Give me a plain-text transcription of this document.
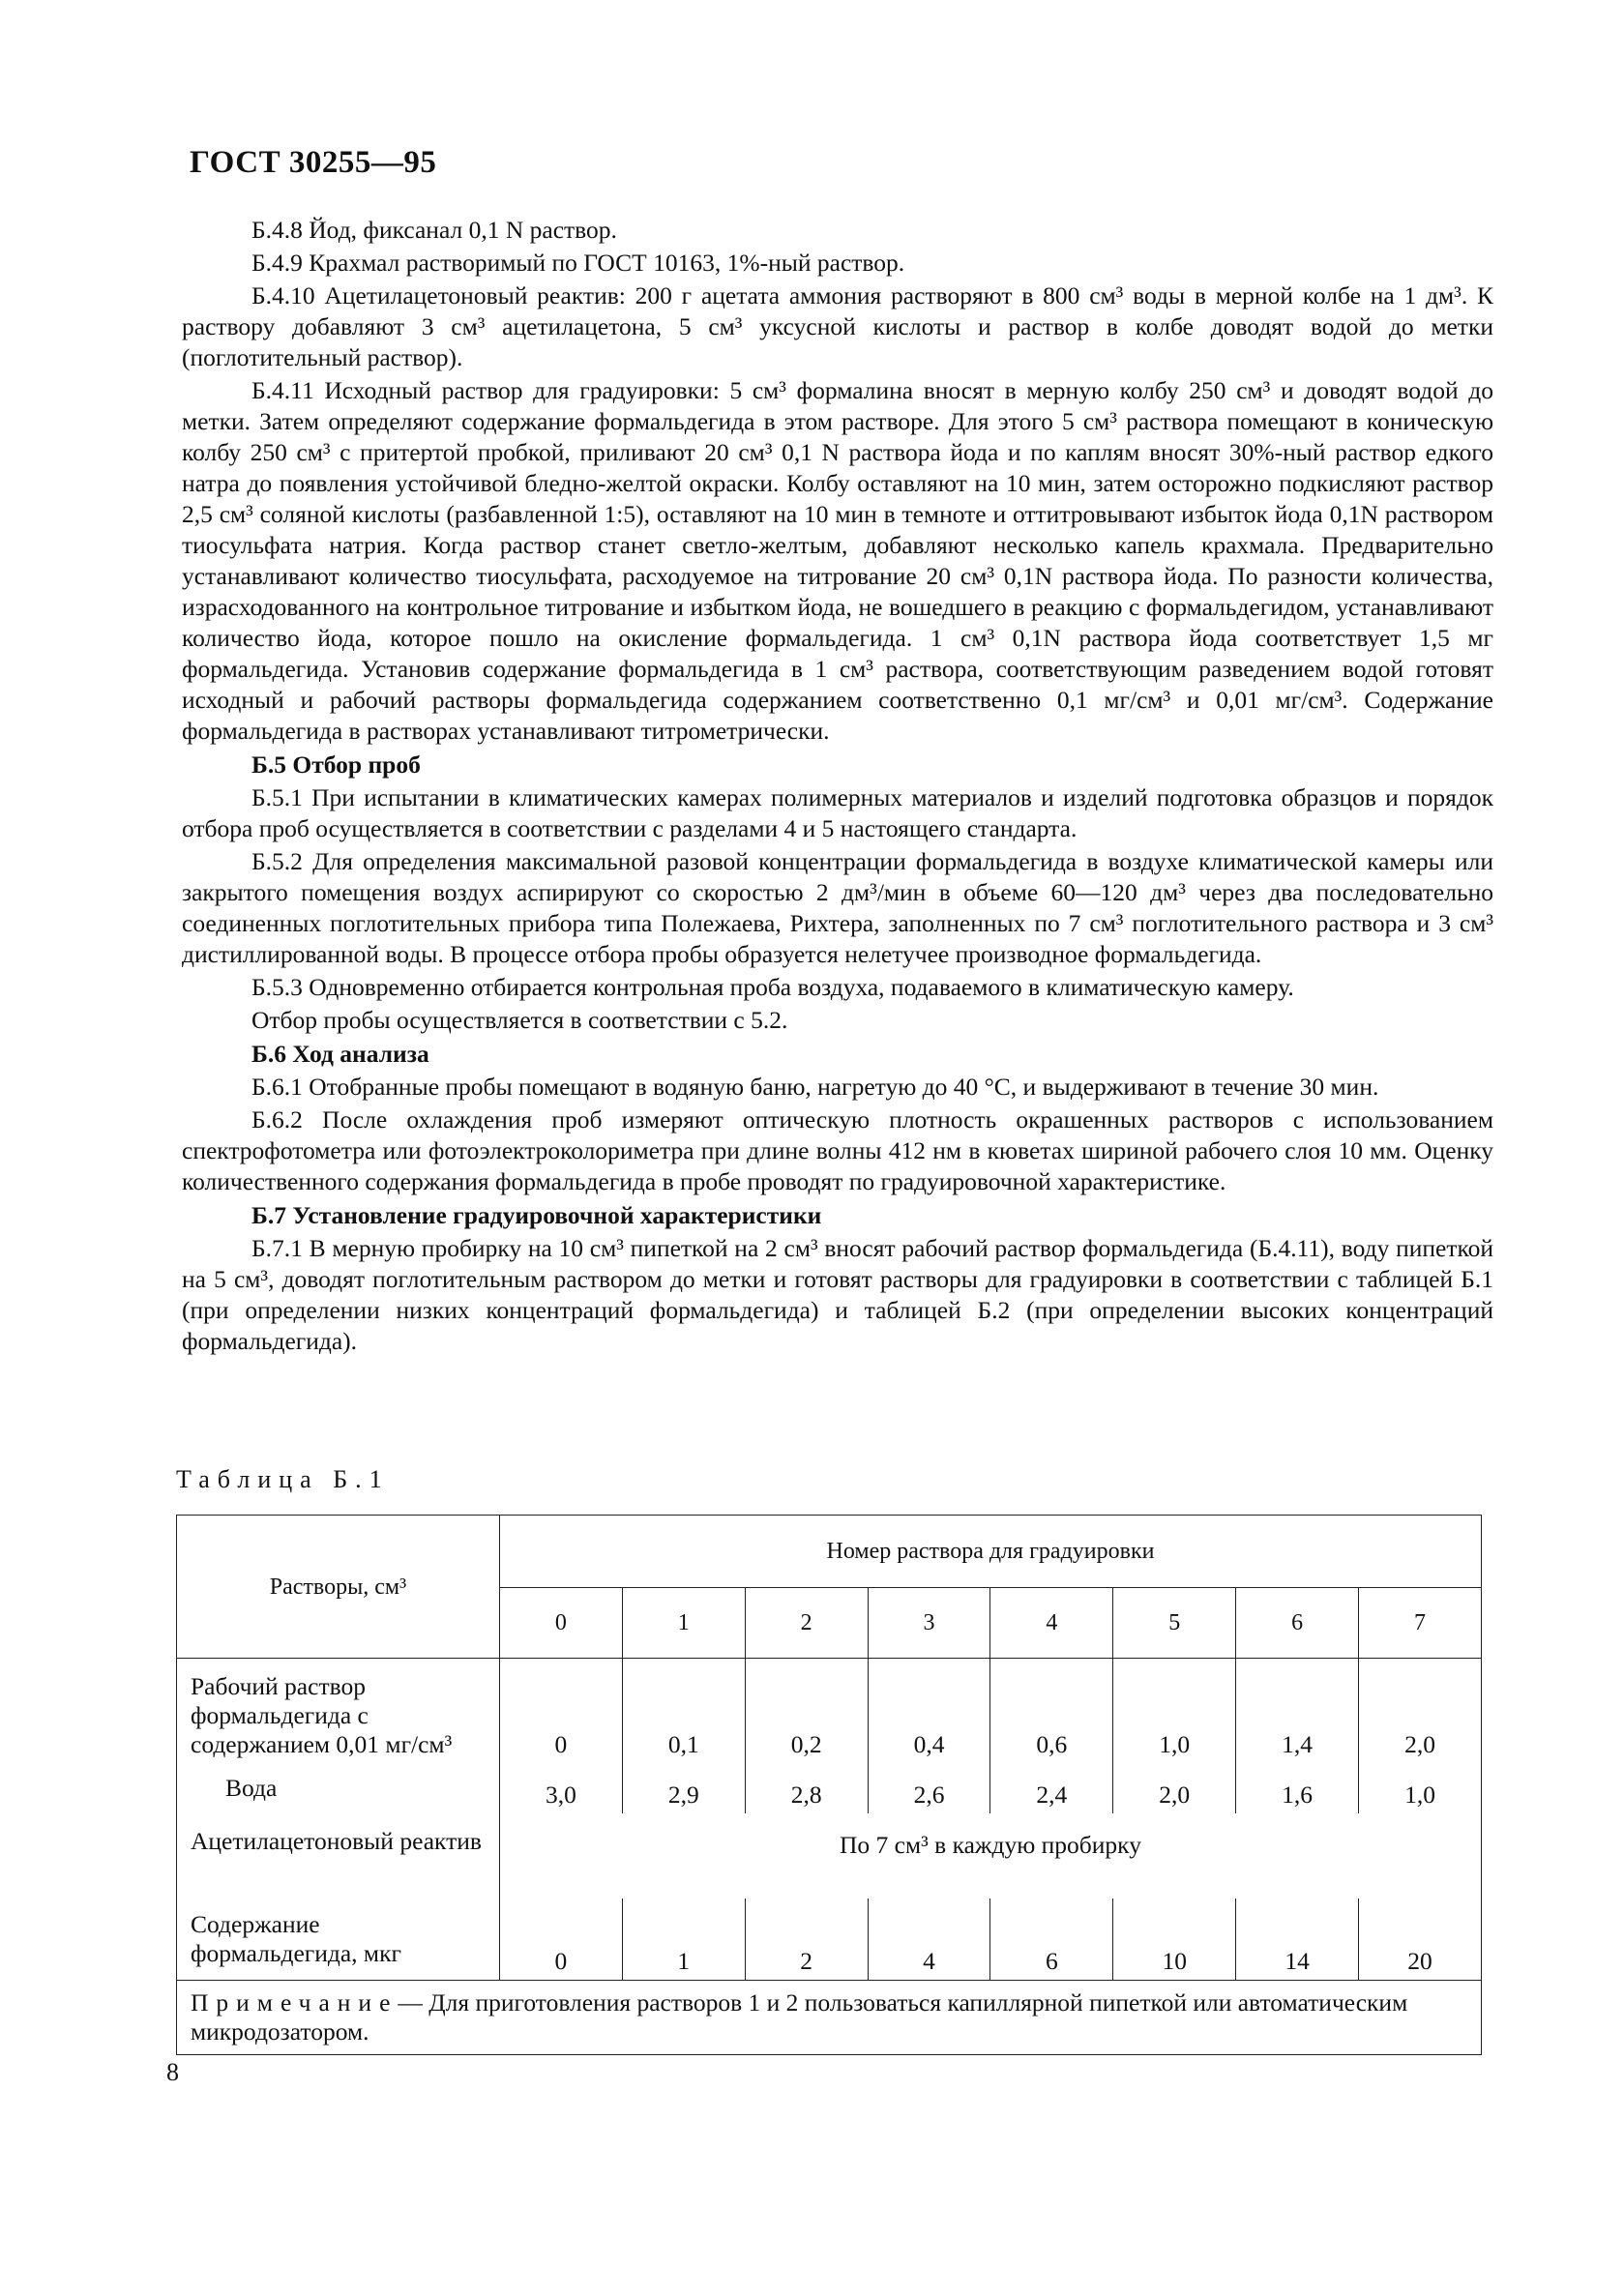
ГОСТ 30255—95

Б.4.8 Йод, фиксанал 0,1 N раствор.

Б.4.9 Крахмал растворимый по ГОСТ 10163, 1%-ный раствор.

Б.4.10 Ацетилацетоновый реактив: 200 г ацетата аммония растворяют в 800 см³ воды в мерной колбе на 1 дм³. К раствору добавляют 3 см³ ацетилацетона, 5 см³ уксусной кислоты и раствор в колбе доводят водой до метки (поглотительный раствор).

Б.4.11 Исходный раствор для градуировки: 5 см³ формалина вносят в мерную колбу 250 см³ и доводят водой до метки. Затем определяют содержание формальдегида в этом растворе. Для этого 5 см³ раствора помещают в коническую колбу 250 см³ с притертой пробкой, приливают 20 см³ 0,1 N раствора йода и по каплям вносят 30%-ный раствор едкого натра до появления устойчивой бледно-желтой окраски. Колбу оставляют на 10 мин, затем осторожно подкисляют раствор 2,5 см³ соляной кислоты (разбавленной 1:5), оставляют на 10 мин в темноте и оттитровывают избыток йода 0,1N раствором тиосульфата натрия. Когда раствор станет светло-желтым, добавляют несколько капель крахмала. Предварительно устанавливают количество тиосульфата, расходуемое на титрование 20 см³ 0,1N раствора йода. По разности количества, израсходованного на контрольное титрование и избытком йода, не вошедшего в реакцию с формальдегидом, устанавливают количество йода, которое пошло на окисление формальдегида. 1 см³ 0,1N раствора йода соответствует 1,5 мг формальдегида. Установив содержание формальдегида в 1 см³ раствора, соответствующим разведением водой готовят исходный и рабочий растворы формальдегида содержанием соответственно 0,1 мг/см³ и 0,01 мг/см³. Содержание формальдегида в растворах устанавливают титрометрически.

Б.5 Отбор проб

Б.5.1 При испытании в климатических камерах полимерных материалов и изделий подготовка образцов и порядок отбора проб осуществляется в соответствии с разделами 4 и 5 настоящего стандарта.

Б.5.2 Для определения максимальной разовой концентрации формальдегида в воздухе климатической камеры или закрытого помещения воздух аспирируют со скоростью 2 дм³/мин в объеме 60—120 дм³ через два последовательно соединенных поглотительных прибора типа Полежаева, Рихтера, заполненных по 7 см³ поглотительного раствора и 3 см³ дистиллированной воды. В процессе отбора пробы образуется нелетучее производное формальдегида.

Б.5.3 Одновременно отбирается контрольная проба воздуха, подаваемого в климатическую камеру.

Отбор пробы осуществляется в соответствии с 5.2.

Б.6 Ход анализа

Б.6.1 Отобранные пробы помещают в водяную баню, нагретую до 40 °С, и выдерживают в течение 30 мин.

Б.6.2 После охлаждения проб измеряют оптическую плотность окрашенных растворов с использованием спектрофотометра или фотоэлектроколориметра при длине волны 412 нм в кюветах шириной рабочего слоя 10 мм. Оценку количественного содержания формальдегида в пробе проводят по градуировочной характеристике.

Б.7 Установление градуировочной характеристики

Б.7.1 В мерную пробирку на 10 см³ пипеткой на 2 см³ вносят рабочий раствор формальдегида (Б.4.11), воду пипеткой на 5 см³, доводят поглотительным раствором до метки и готовят растворы для градуировки в соответствии с таблицей Б.1 (при определении низких концентраций формальдегида) и таблицей Б.2 (при определении высоких концентраций формальдегида).

Таблица Б.1
Растворы, см³	Номер раствора для градуировки							
	0	1	2	3	4	5	6	7
Рабочий раствор формальдегида с содержанием 0,01 мг/см³	0	0,1	0,2	0,4	0,6	1,0	1,4	2,0
Вода	3,0	2,9	2,8	2,6	2,4	2,0	1,6	1,0
Ацетилацетоновый реактив	По 7 см³ в каждую пробирку							
Содержание формальдегида, мкг	0	1	2	4	6	10	14	20
Примечание— Для приготовления растворов 1 и 2 пользоваться капиллярной пипеткой или автоматическим микродозатором.								
8
